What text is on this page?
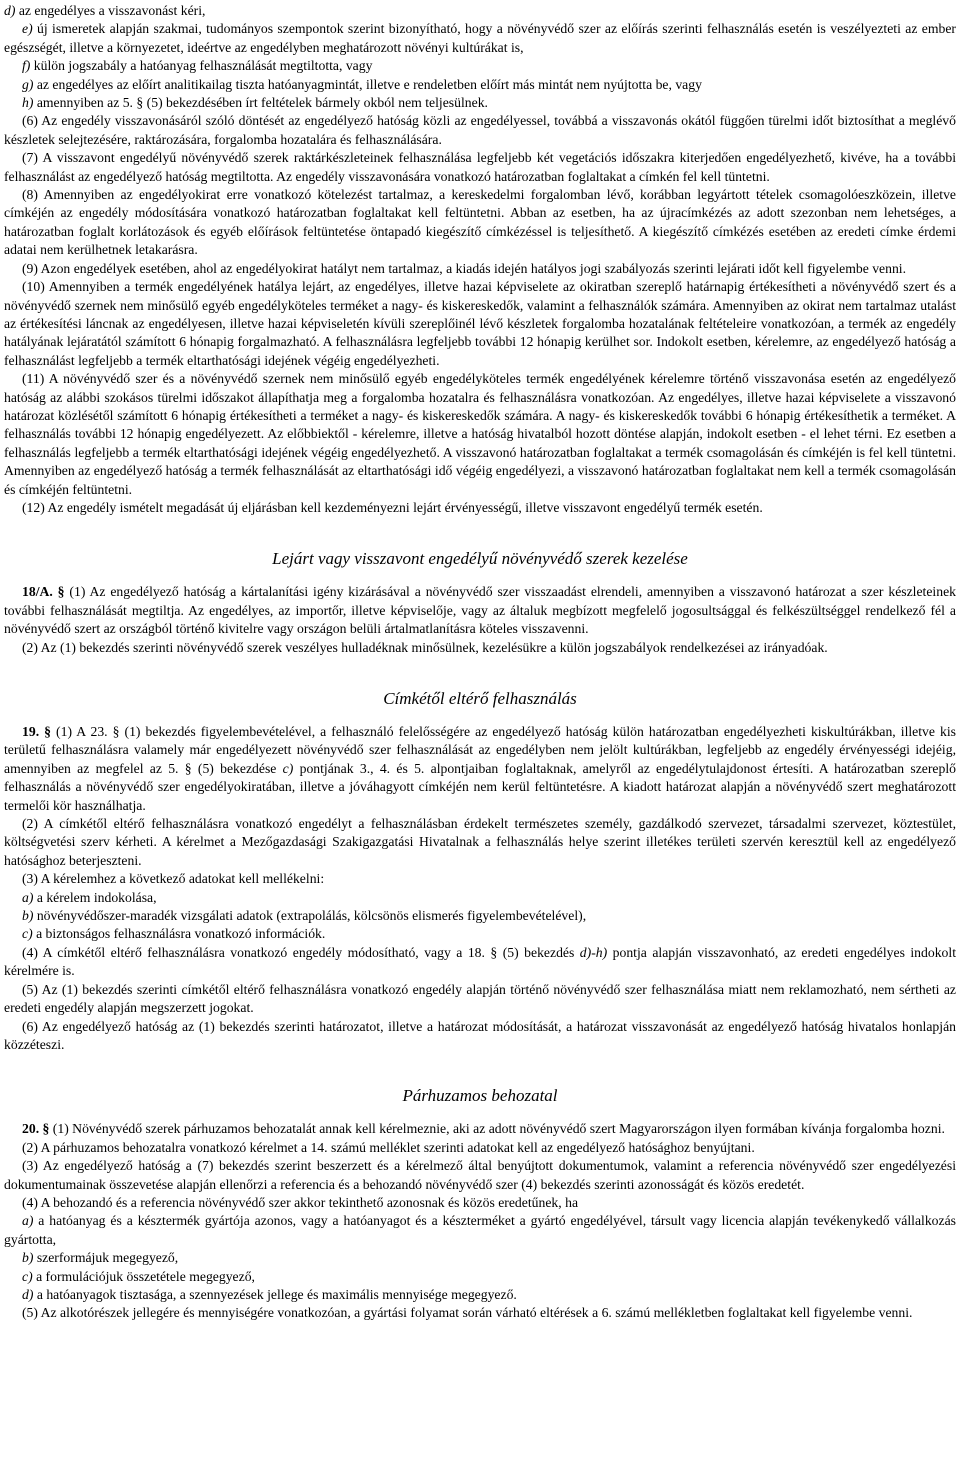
d) az engedélyes a visszavonást kéri,

e) új ismeretek alapján szakmai, tudományos szempontok szerint bizonyítható, hogy a növényvédő szer az előírás szerinti felhasználás esetén is veszélyezteti az ember egészségét, illetve a környezetet, ideértve az engedélyben meghatározott növényi kultúrákat is,

f) külön jogszabály a hatóanyag felhasználását megtiltotta, vagy

g) az engedélyes az előírt analitikailag tiszta hatóanyagmintát, illetve e rendeletben előírt más mintát nem nyújtotta be, vagy

h) amennyiben az 5. § (5) bekezdésében írt feltételek bármely okból nem teljesülnek.

(6) Az engedély visszavonásáról szóló döntését az engedélyező hatóság közli az engedélyessel, továbbá a visszavonás okától függően türelmi időt biztosíthat a meglévő készletek selejtezésére, raktározására, forgalomba hozatalára és felhasználására.

(7) A visszavont engedélyű növényvédő szerek raktárkészleteinek felhasználása legfeljebb két vegetációs időszakra kiterjedően engedélyezhető, kivéve, ha a további felhasználást az engedélyező hatóság megtiltotta. Az engedély visszavonására vonatkozó határozatban foglaltakat a címkén fel kell tüntetni.

(8) Amennyiben az engedélyokirat erre vonatkozó kötelezést tartalmaz, a kereskedelmi forgalomban lévő, korábban legyártott tételek csomagolóeszközein, illetve címkéjén az engedély módosítására vonatkozó határozatban foglaltakat kell feltüntetni. Abban az esetben, ha az újracímkézés az adott szezonban nem lehetséges, a határozatban foglalt korlátozások és egyéb előírások feltüntetése öntapadó kiegészítő címkézéssel is teljesíthető. A kiegészítő címkézés esetében az eredeti címke érdemi adatai nem kerülhetnek letakarásra.

(9) Azon engedélyek esetében, ahol az engedélyokirat hatályt nem tartalmaz, a kiadás idején hatályos jogi szabályozás szerinti lejárati időt kell figyelembe venni.

(10) Amennyiben a termék engedélyének hatálya lejárt, az engedélyes, illetve hazai képviselete az okiratban szereplő határnapig értékesítheti a növényvédő szert és a növényvédő szernek nem minősülő egyéb engedélyköteles terméket a nagy- és kiskereskedők, valamint a felhasználók számára. Amennyiben az okirat nem tartalmaz utalást az értékesítési láncnak az engedélyesen, illetve hazai képviseletén kívüli szereplőinél lévő készletek forgalomba hozatalának feltételeire vonatkozóan, a termék az engedély hatályának lejáratától számított 6 hónapig forgalmazható. A felhasználásra legfeljebb további 12 hónapig kerülhet sor. Indokolt esetben, kérelemre, az engedélyező hatóság a felhasználást legfeljebb a termék eltarthatósági idejének végéig engedélyezheti.

(11) A növényvédő szer és a növényvédő szernek nem minősülő egyéb engedélyköteles termék engedélyének kérelemre történő visszavonása esetén az engedélyező hatóság az alábbi szokásos türelmi időszakot állapíthatja meg a forgalomba hozatalra és felhasználásra vonatkozóan. Az engedélyes, illetve hazai képviselete a visszavonó határozat közlésétől számított 6 hónapig értékesítheti a terméket a nagy- és kiskereskedők számára. A nagy- és kiskereskedők további 6 hónapig értékesíthetik a terméket. A felhasználás további 12 hónapig engedélyezett. Az előbbiektől - kérelemre, illetve a hatóság hivatalból hozott döntése alapján, indokolt esetben - el lehet térni. Ez esetben a felhasználás legfeljebb a termék eltarthatósági idejének végéig engedélyezhető. A visszavonó határozatban foglaltakat a termék csomagolásán és címkéjén is fel kell tüntetni. Amennyiben az engedélyező hatóság a termék felhasználását az eltarthatósági idő végéig engedélyezi, a visszavonó határozatban foglaltakat nem kell a termék csomagolásán és címkéjén feltüntetni.

(12) Az engedély ismételt megadását új eljárásban kell kezdeményezni lejárt érvényességű, illetve visszavont engedélyű termék esetén.

Lejárt vagy visszavont engedélyű növényvédő szerek kezelése

18/A. § (1) Az engedélyező hatóság a kártalanítási igény kizárásával a növényvédő szer visszaadást elrendeli, amennyiben a visszavonó határozat a szer készleteinek további felhasználását megtiltja. Az engedélyes, az importőr, illetve képviselője, vagy az általuk megbízott megfelelő jogosultsággal és felkészültséggel rendelkező fél a növényvédő szert az országból történő kivitelre vagy országon belüli ártalmatlanításra köteles visszavenni.

(2) Az (1) bekezdés szerinti növényvédő szerek veszélyes hulladéknak minősülnek, kezelésükre a külön jogszabályok rendelkezései az irányadóak.

Címkétől eltérő felhasználás

19. § (1) A 23. § (1) bekezdés figyelembevételével, a felhasználó felelősségére az engedélyező hatóság külön határozatban engedélyezheti kiskultúrákban, illetve kis területű felhasználásra valamely már engedélyezett növényvédő szer felhasználását az engedélyben nem jelölt kultúrákban, legfeljebb az engedély érvényességi idejéig, amennyiben az megfelel az 5. § (5) bekezdése c) pontjának 3., 4. és 5. alpontjaiban foglaltaknak, amelyről az engedélytulajdonost értesíti. A határozatban szereplő felhasználás a növényvédő szer engedélyokiratában, illetve a jóváhagyott címkéjén nem kerül feltüntetésre. A kiadott határozat alapján a növényvédő szert meghatározott termelői kör használhatja.

(2) A címkétől eltérő felhasználásra vonatkozó engedélyt a felhasználásban érdekelt természetes személy, gazdálkodó szervezet, társadalmi szervezet, köztestület, költségvetési szerv kérheti. A kérelmet a Mezőgazdasági Szakigazgatási Hivatalnak a felhasználás helye szerint illetékes területi szervén keresztül kell az engedélyező hatósághoz beterjeszteni.

(3) A kérelemhez a következő adatokat kell mellékelni:

a) a kérelem indokolása,

b) növényvédőszer-maradék vizsgálati adatok (extrapolálás, kölcsönös elismerés figyelembevételével),

c) a biztonságos felhasználásra vonatkozó információk.

(4) A címkétől eltérő felhasználásra vonatkozó engedély módosítható, vagy a 18. § (5) bekezdés d)-h) pontja alapján visszavonható, az eredeti engedélyes indokolt kérelmére is.

(5) Az (1) bekezdés szerinti címkétől eltérő felhasználásra vonatkozó engedély alapján történő növényvédő szer felhasználása miatt nem reklamozható, nem sértheti az eredeti engedély alapján megszerzett jogokat.

(6) Az engedélyező hatóság az (1) bekezdés szerinti határozatot, illetve a határozat módosítását, a határozat visszavonását az engedélyező hatóság hivatalos honlapján közzéteszi.

Párhuzamos behozatal

20. § (1) Növényvédő szerek párhuzamos behozatalát annak kell kérelmeznie, aki az adott növényvédő szert Magyarországon ilyen formában kívánja forgalomba hozni.

(2) A párhuzamos behozatalra vonatkozó kérelmet a 14. számú melléklet szerinti adatokat kell az engedélyező hatósághoz benyújtani.

(3) Az engedélyező hatóság a (7) bekezdés szerint beszerzett és a kérelmező által benyújtott dokumentumok, valamint a referencia növényvédő szer engedélyezési dokumentumainak összevetése alapján ellenőrzi a referencia és a behozandó növényvédő szer (4) bekezdés szerinti azonosságát és közös eredetét.

(4) A behozandó és a referencia növényvédő szer akkor tekinthető azonosnak és közös eredetűnek, ha

a) a hatóanyag és a késztermék gyártója azonos, vagy a hatóanyagot és a készterméket a gyártó engedélyével, társult vagy licencia alapján tevékenykedő vállalkozás gyártotta,

b) szerformájuk megegyező,

c) a formulációjuk összetétele megegyező,

d) a hatóanyagok tisztasága, a szennyezések jellege és maximális mennyisége megegyező.

(5) Az alkotórészek jellegére és mennyiségére vonatkozóan, a gyártási folyamat során várható eltérések a 6. számú mellékletben foglaltakat kell figyelembe venni.
